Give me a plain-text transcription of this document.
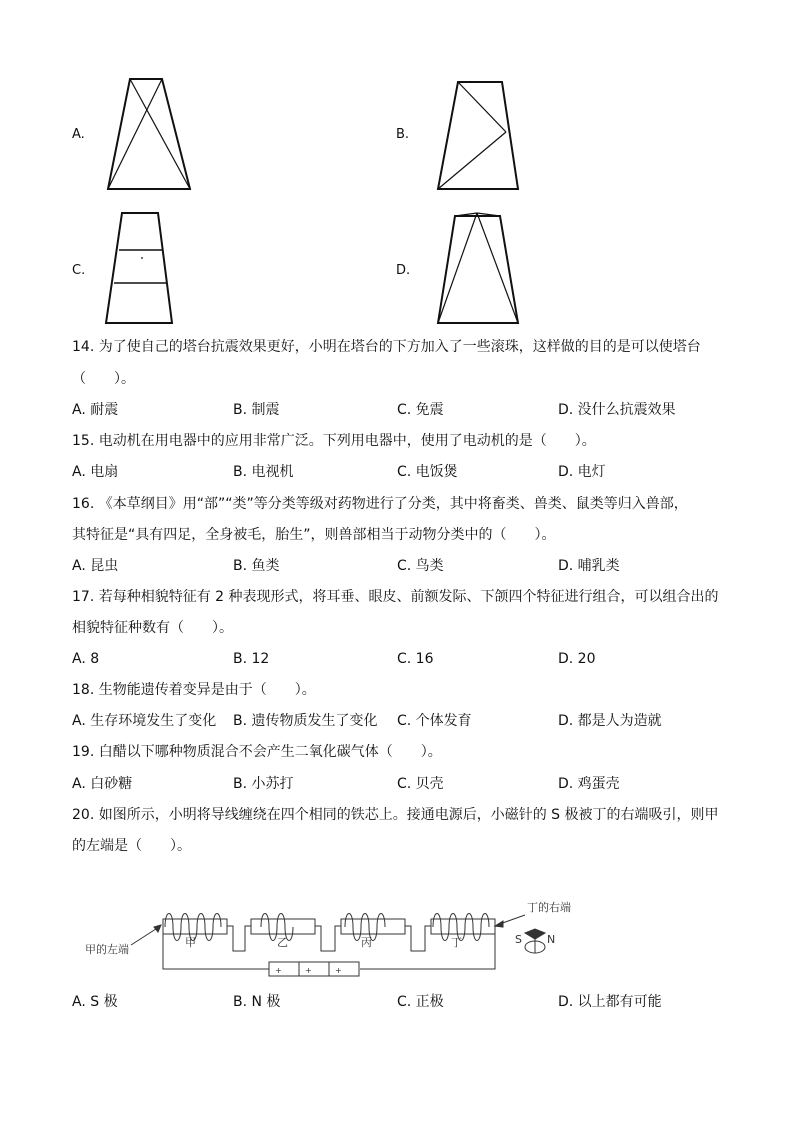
A.	B.
C.	D.
14. 为了使自己的塔台抗震效果更好，小明在塔台的下方加入了一些滚珠，这样做的目的是可以使塔台
（　　）。
A. 耐震	B. 制震	C. 免震	D. 没什么抗震效果
15. 电动机在用电器中的应用非常广泛。下列用电器中，使用了电动机的是（　　）。
A. 电扇	B. 电视机	C. 电饭煲	D. 电灯
16. 《本草纲目》用“部”“类”等分类等级对药物进行了分类，其中将畜类、兽类、鼠类等归入兽部，
其特征是“具有四足，全身被毛，胎生”，则兽部相当于动物分类中的（　　）。
A. 昆虫	B. 鱼类	C. 鸟类	D. 哺乳类
17. 若每种相貌特征有 2 种表现形式，将耳垂、眼皮、前额发际、下颌四个特征进行组合，可以组合出的
相貌特征种数有（　　）。
A. 8	B. 12	C. 16	D. 20
18. 生物能遗传着变异是由于（　　）。
A. 生存环境发生了变化 B. 遗传物质发生了变化 C. 个体发育	D. 都是人为造就
19. 白醋以下哪种物质混合不会产生二氧化碳气体（　　）。
A. 白砂糖	B. 小苏打	C. 贝壳	D. 鸡蛋壳
20. 如图所示，小明将导线缠绕在四个相同的铁芯上。接通电源后，小磁针的 S 极被丁的右端吸引，则甲
的左端是（　　）。
甲的左端
甲	乙	丙	丁
丁的右端
S N
+	+	+
A. S 极	B. N 极	C. 正极	D. 以上都有可能
